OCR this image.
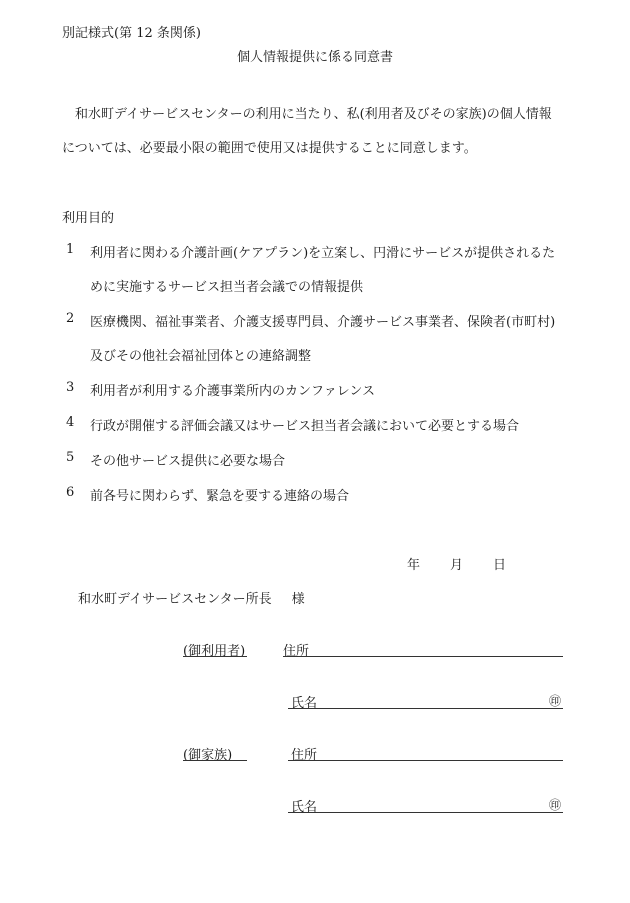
別記様式(第 12 条関係)
個人情報提供に係る同意書

和水町デイサービスセンターの利用に当たり、私(利用者及びその家族)の個人情報

については、必要最小限の範囲で使用又は提供することに同意します。

利用目的
1 利用者に関わる介護計画(ケアプラン)を立案し、円滑にサービスが提供されるた
めに実施するサービス担当者会議での情報提供
2 医療機関、福祉事業者、介護支援専門員、介護サービス事業者、保険者(市町村)
及びその他社会福祉団体との連絡調整
3 利用者が利用する介護事業所内のカンファレンス
4 行政が開催する評価会議又はサービス担当者会議において必要とする場合
5 その他サービス提供に必要な場合
6 前各号に関わらず、緊急を要する連絡の場合
年 月 日
和水町デイサービスセンター所長 様
(御利用者)	住所
氏名	㊞
(御家族)	住所
氏名	㊞
